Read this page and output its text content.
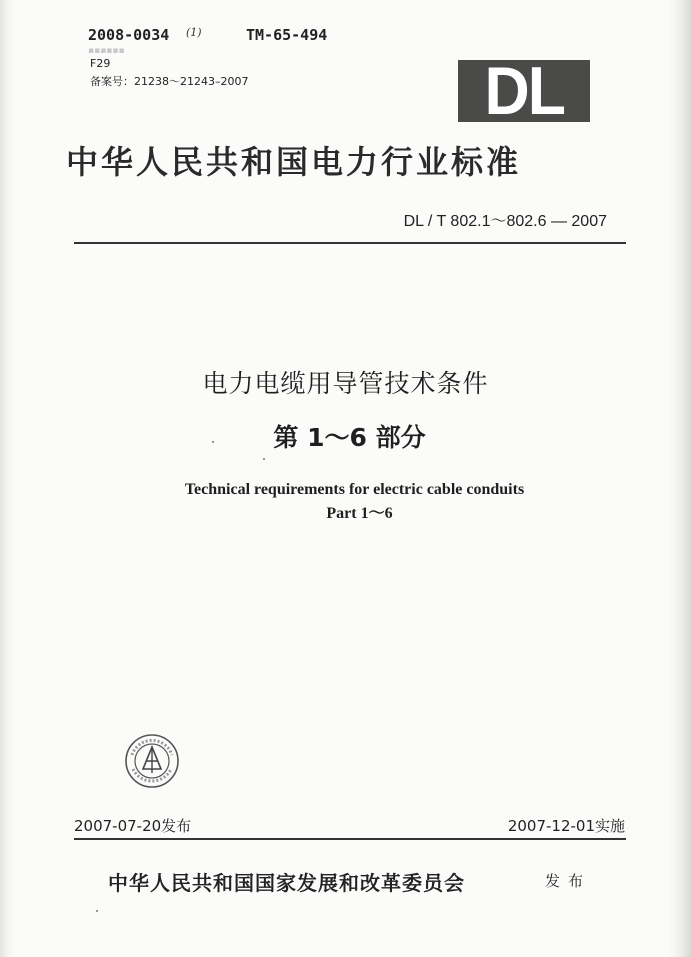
2008-0034 (1)	TM-65-494
▪▪▪▪▪▪
F29
备案号：21238～21243–2007	DL
中华人民共和国电力行业标准
DL / T 802.1～802.6 — 2007
电力电缆用导管技术条件
第 1～6 部分
Technical requirements for electric cable conduits
Part 1～6
2007-07-20发布	2007-12-01实施
中华人民共和国国家发展和改革委员会	发布
